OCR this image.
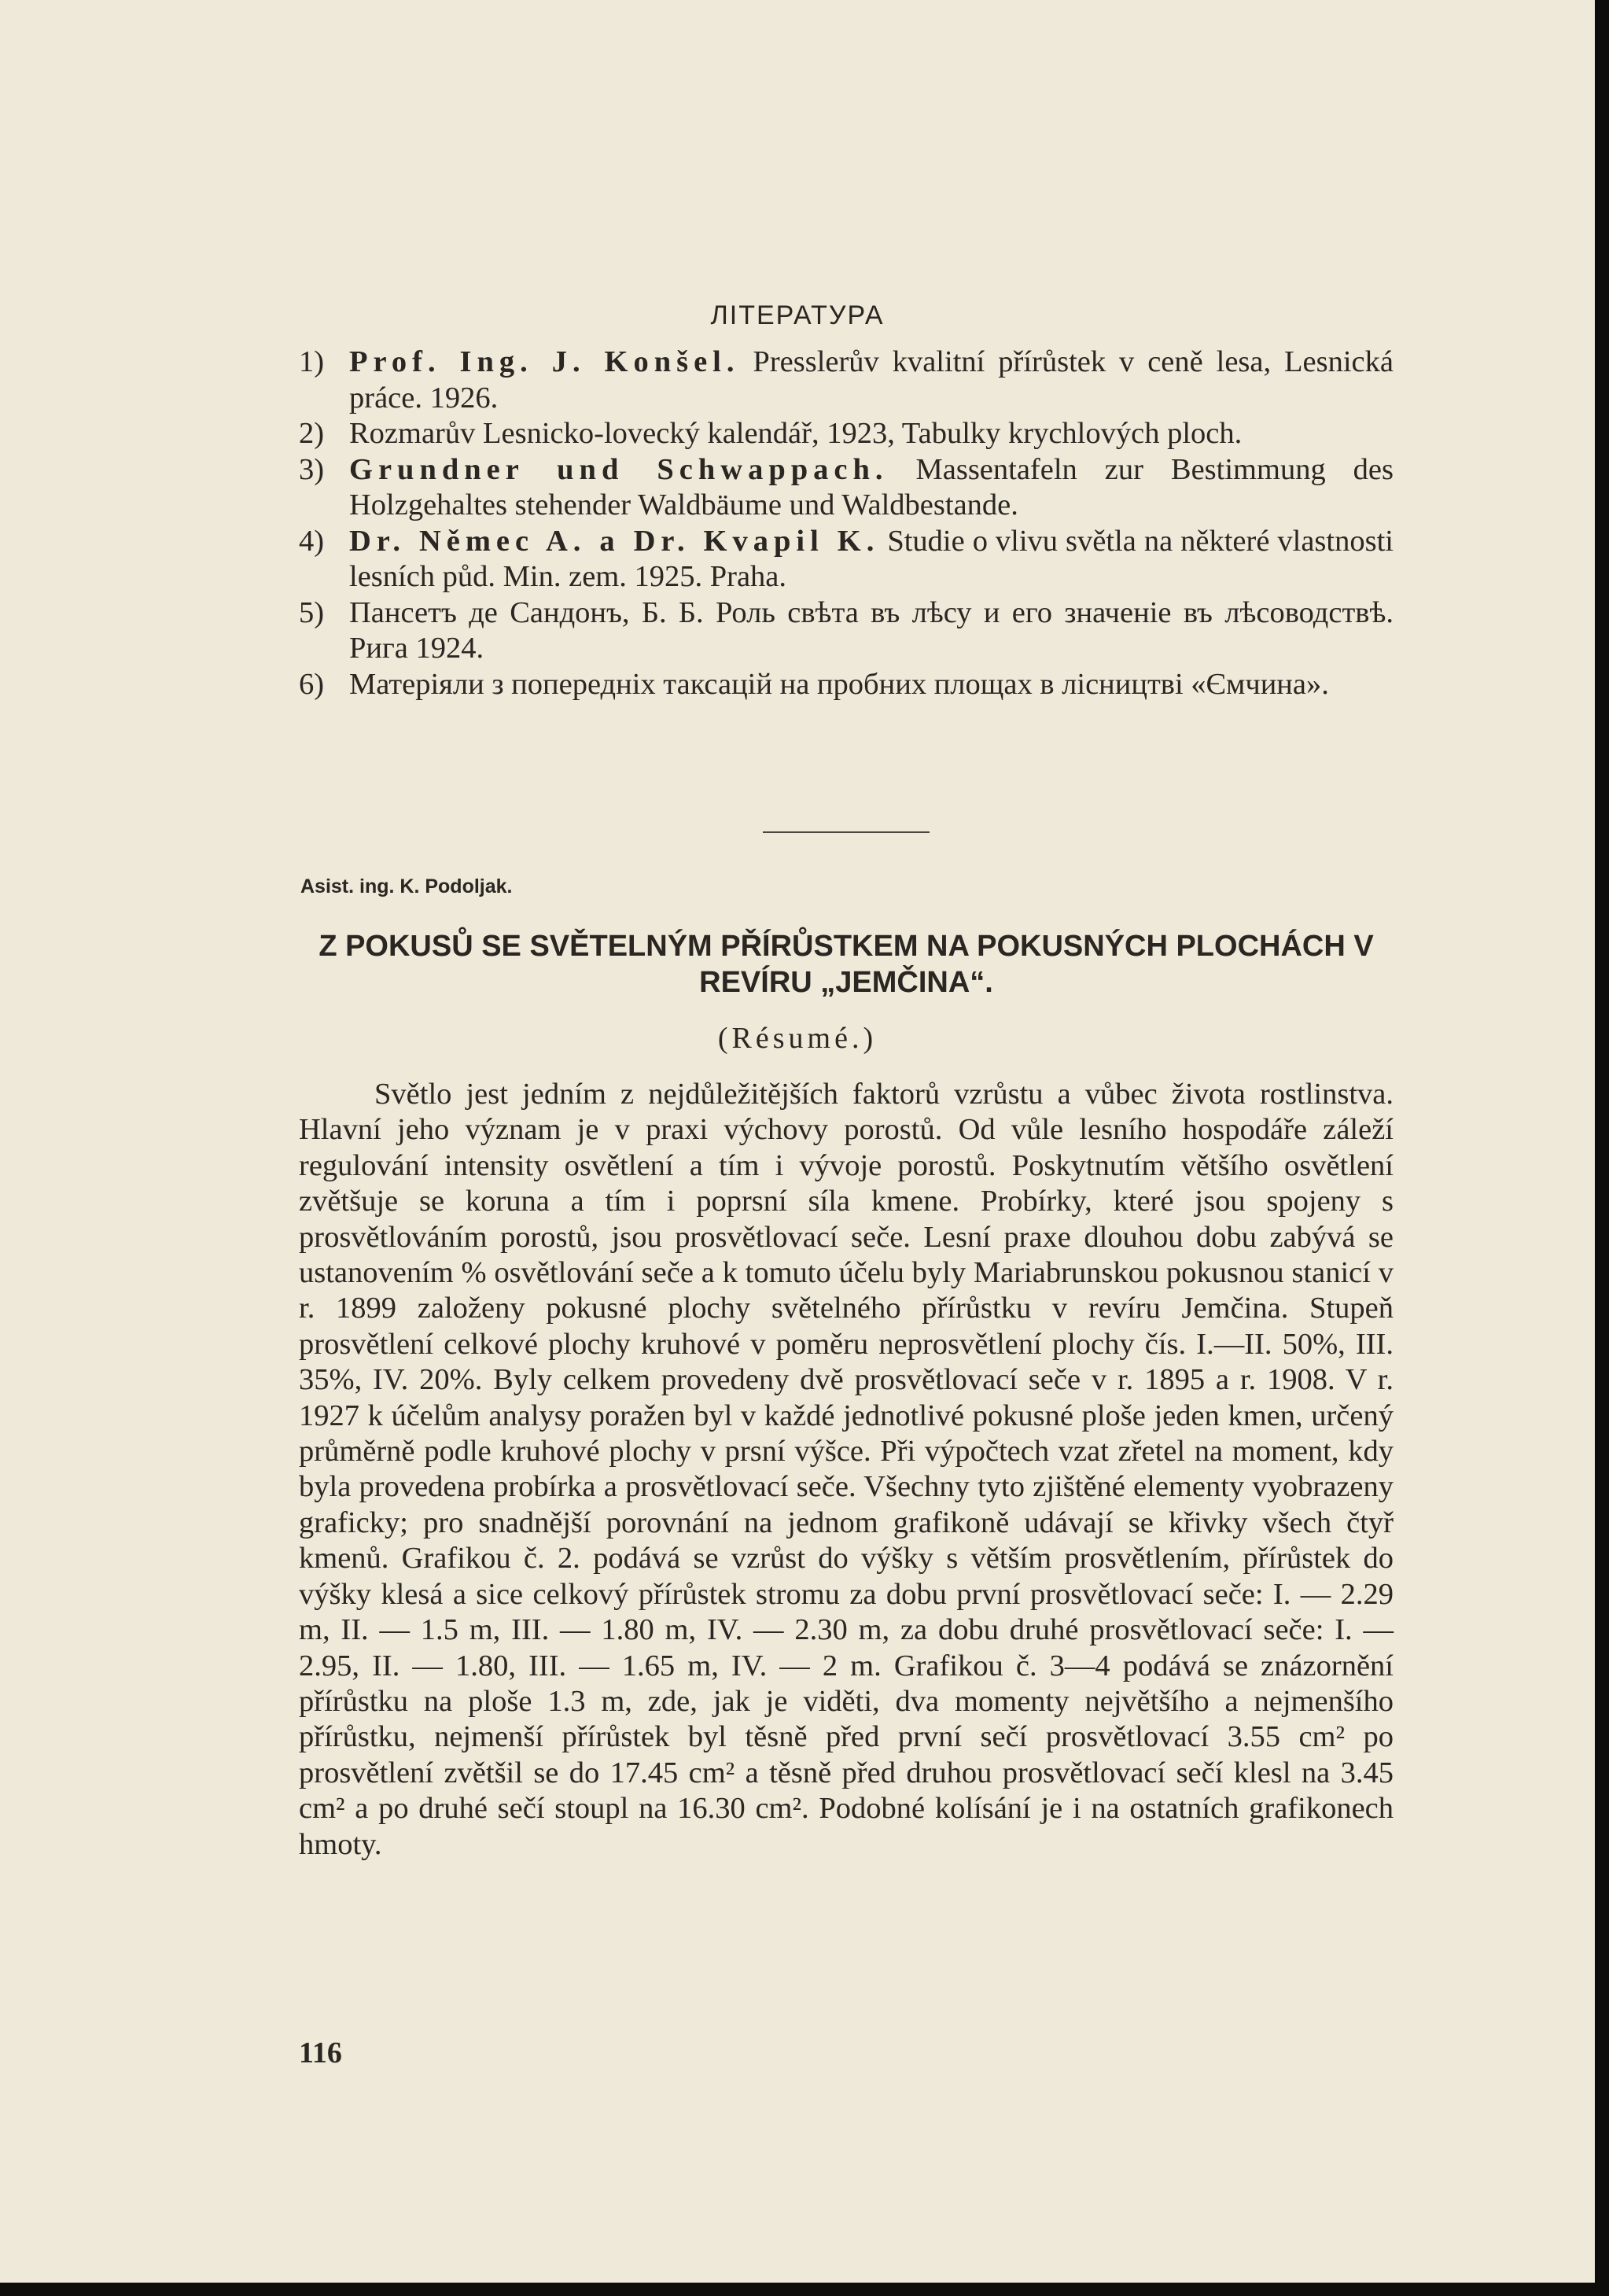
ЛІТЕРАТУРА
1) Prof. Ing. J. Konšel. Presslerův kvalitní přírůstek v ceně lesa, Lesnická práce. 1926.
2) Rozmarův Lesnicko-lovecký kalendář, 1923, Tabulky krychlových ploch.
3) Grundner und Schwappach. Massentafeln zur Bestimmung des Holzgehaltes stehender Waldbäume und Waldbestande.
4) Dr. Němec A. a Dr. Kvapil K. Studie o vlivu světla na některé vlastnosti lesních půd. Min. zem. 1925. Praha.
5) Пансетъ де Сандонъ, Б. Б. Роль свѣта въ лѣсу и его значеніе въ лѣсоводствѣ. Рига 1924.
6) Матеріяли з попередніх таксацій на пробних площах в лісництві «Ємчина».
Asist. ing. K. Podoljak.
Z POKUSŮ SE SVĚTELNÝM PŘÍRŮSTKEM NA POKUSNÝCH PLOCHÁCH V REVÍRU „JEMČINA“.
(Résumé.)

Světlo jest jedním z nejdůležitějších faktorů vzrůstu a vůbec života rostlinstva. Hlavní jeho význam je v praxi výchovy porostů. Od vůle lesního hospodáře záleží regulování intensity osvětlení a tím i vývoje porostů. Poskytnutím většího osvětlení zvětšuje se koruna a tím i poprsní síla kmene. Probírky, které jsou spojeny s prosvětlováním porostů, jsou prosvětlovací seče. Lesní praxe dlouhou dobu zabývá se ustanovením % osvětlování seče a k tomuto účelu byly Mariabrunskou pokusnou stanicí v r. 1899 založeny pokusné plochy světelného přírůstku v revíru Jemčina. Stupeň prosvětlení celkové plochy kruhové v poměru neprosvětlení plochy čís. I.—II. 50%, III. 35%, IV. 20%. Byly celkem provedeny dvě prosvětlovací seče v r. 1895 a r. 1908. V r. 1927 k účelům analysy poražen byl v každé jednotlivé pokusné ploše jeden kmen, určený průměrně podle kruhové plochy v prsní výšce. Při výpočtech vzat zřetel na moment, kdy byla provedena probírka a prosvětlovací seče. Všechny tyto zjištěné elementy vyobrazeny graficky; pro snadnější porovnání na jednom grafikoně udávají se křivky všech čtyř kmenů. Grafikou č. 2. podává se vzrůst do výšky s větším prosvětlením, přírůstek do výšky klesá a sice celkový přírůstek stromu za dobu první prosvětlovací seče: I. — 2.29 m, II. — 1.5 m, III. — 1.80 m, IV. — 2.30 m, za dobu druhé prosvětlovací seče: I. — 2.95, II. — 1.80, III. — 1.65 m, IV. — 2 m. Grafikou č. 3—4 podává se znázornění přírůstku na ploše 1.3 m, zde, jak je viděti, dva momenty největšího a nejmenšího přírůstku, nejmenší přírůstek byl těsně před první sečí prosvětlovací 3.55 cm² po prosvětlení zvětšil se do 17.45 cm² a těsně před druhou prosvětlovací sečí klesl na 3.45 cm² a po druhé sečí stoupl na 16.30 cm². Podobné kolísání je i na ostatních grafikonech hmoty.

116
